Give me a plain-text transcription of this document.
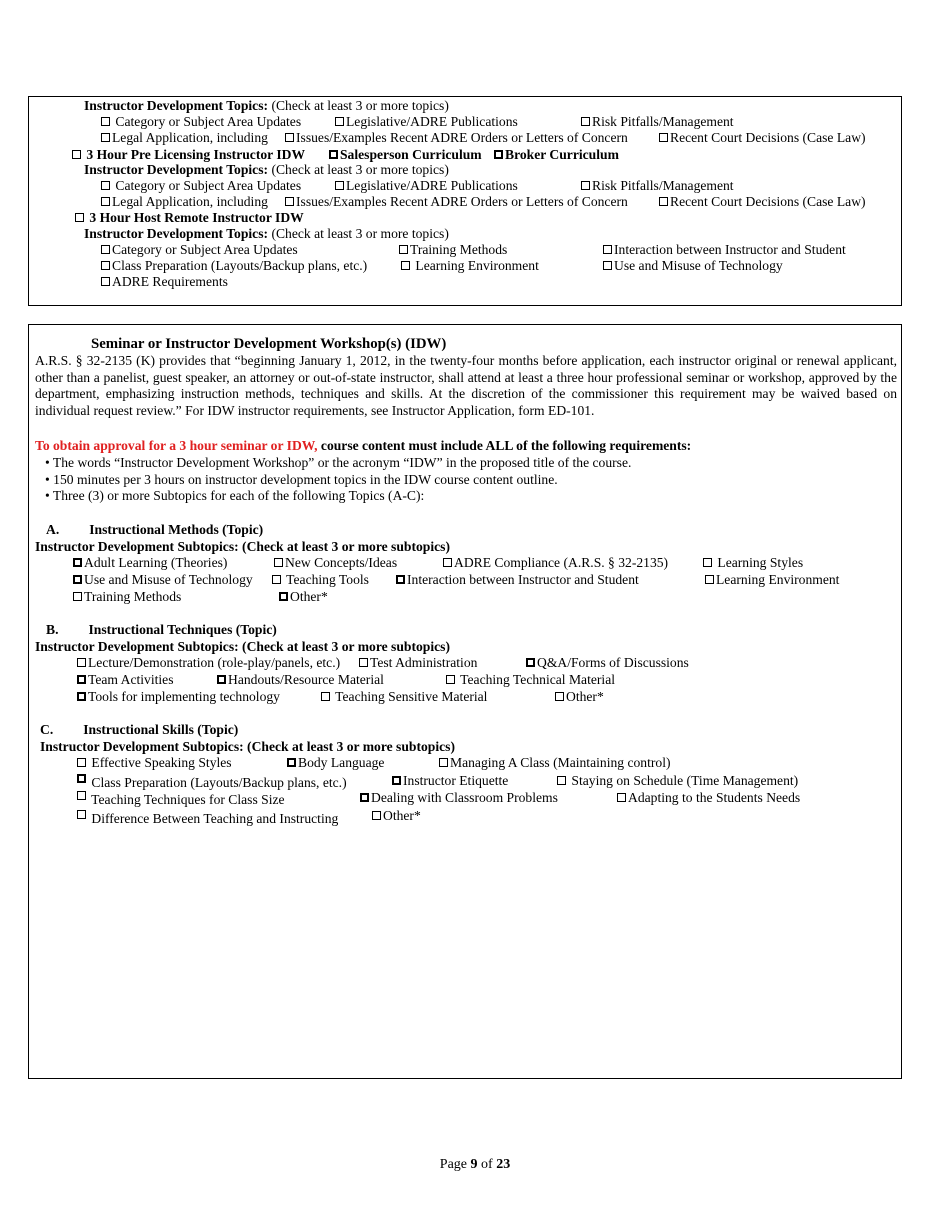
Instructor Development Topics: (Check at least 3 or more topics)
Category or Subject Area Updates	Legislative/ADRE Publications	Risk Pitfalls/Management
Legal Application, including	Issues/Examples Recent ADRE Orders or Letters of Concern	Recent Court Decisions (Case Law)
3 Hour Pre Licensing Instructor IDW	Salesperson Curriculum	Broker Curriculum
Instructor Development Topics: (Check at least 3 or more topics)
Category or Subject Area Updates	Legislative/ADRE Publications	Risk Pitfalls/Management
Legal Application, including	Issues/Examples Recent ADRE Orders or Letters of Concern	Recent Court Decisions (Case Law)
3 Hour Host Remote Instructor IDW
Instructor Development Topics: (Check at least 3 or more topics)
Category or Subject Area Updates	Training Methods	Interaction between Instructor and Student
Class Preparation (Layouts/Backup plans, etc.)	Learning Environment	Use and Misuse of Technology
ADRE Requirements
Seminar or Instructor Development Workshop(s) (IDW)
A.R.S. § 32-2135 (K) provides that “beginning January 1, 2012, in the twenty-four months before application, each instructor original or renewal applicant, other than a panelist, guest speaker, an attorney or out-of-state instructor, shall attend at least a three hour professional seminar or workshop, approved by the department, emphasizing instruction methods, techniques and skills. At the discretion of the commissioner this requirement may be waived based on individual request review.” For IDW instructor requirements, see Instructor Application, form ED-101.
To obtain approval for a 3 hour seminar or IDW, course content must include ALL of the following requirements:
• The words “Instructor Development Workshop” or the acronym “IDW” in the proposed title of the course.
• 150 minutes per 3 hours on instructor development topics in the IDW course content outline.
• Three (3) or more Subtopics for each of the following Topics (A-C):
A. Instructional Methods (Topic)
Instructor Development Subtopics: (Check at least 3 or more subtopics)
Adult Learning (Theories)	New Concepts/Ideas	ADRE Compliance (A.R.S. § 32-2135)	Learning Styles
Use and Misuse of Technology	Teaching Tools	Interaction between Instructor and Student	Learning Environment
Training Methods	Other*
B. Instructional Techniques (Topic)
Instructor Development Subtopics: (Check at least 3 or more subtopics)
Lecture/Demonstration (role-play/panels, etc.)	Test Administration	Q&A/Forms of Discussions
Team Activities	Handouts/Resource Material	Teaching Technical Material
Tools for implementing technology	Teaching Sensitive Material	Other*
C. Instructional Skills (Topic)
Instructor Development Subtopics: (Check at least 3 or more subtopics)
Effective Speaking Styles	Body Language	Managing A Class (Maintaining control)
Class Preparation (Layouts/Backup plans, etc.)	Instructor Etiquette	Staying on Schedule (Time Management)
Teaching Techniques for Class Size	Dealing with Classroom Problems	Adapting to the Students Needs
Difference Between Teaching and Instructing	Other*
Page 9 of 23
